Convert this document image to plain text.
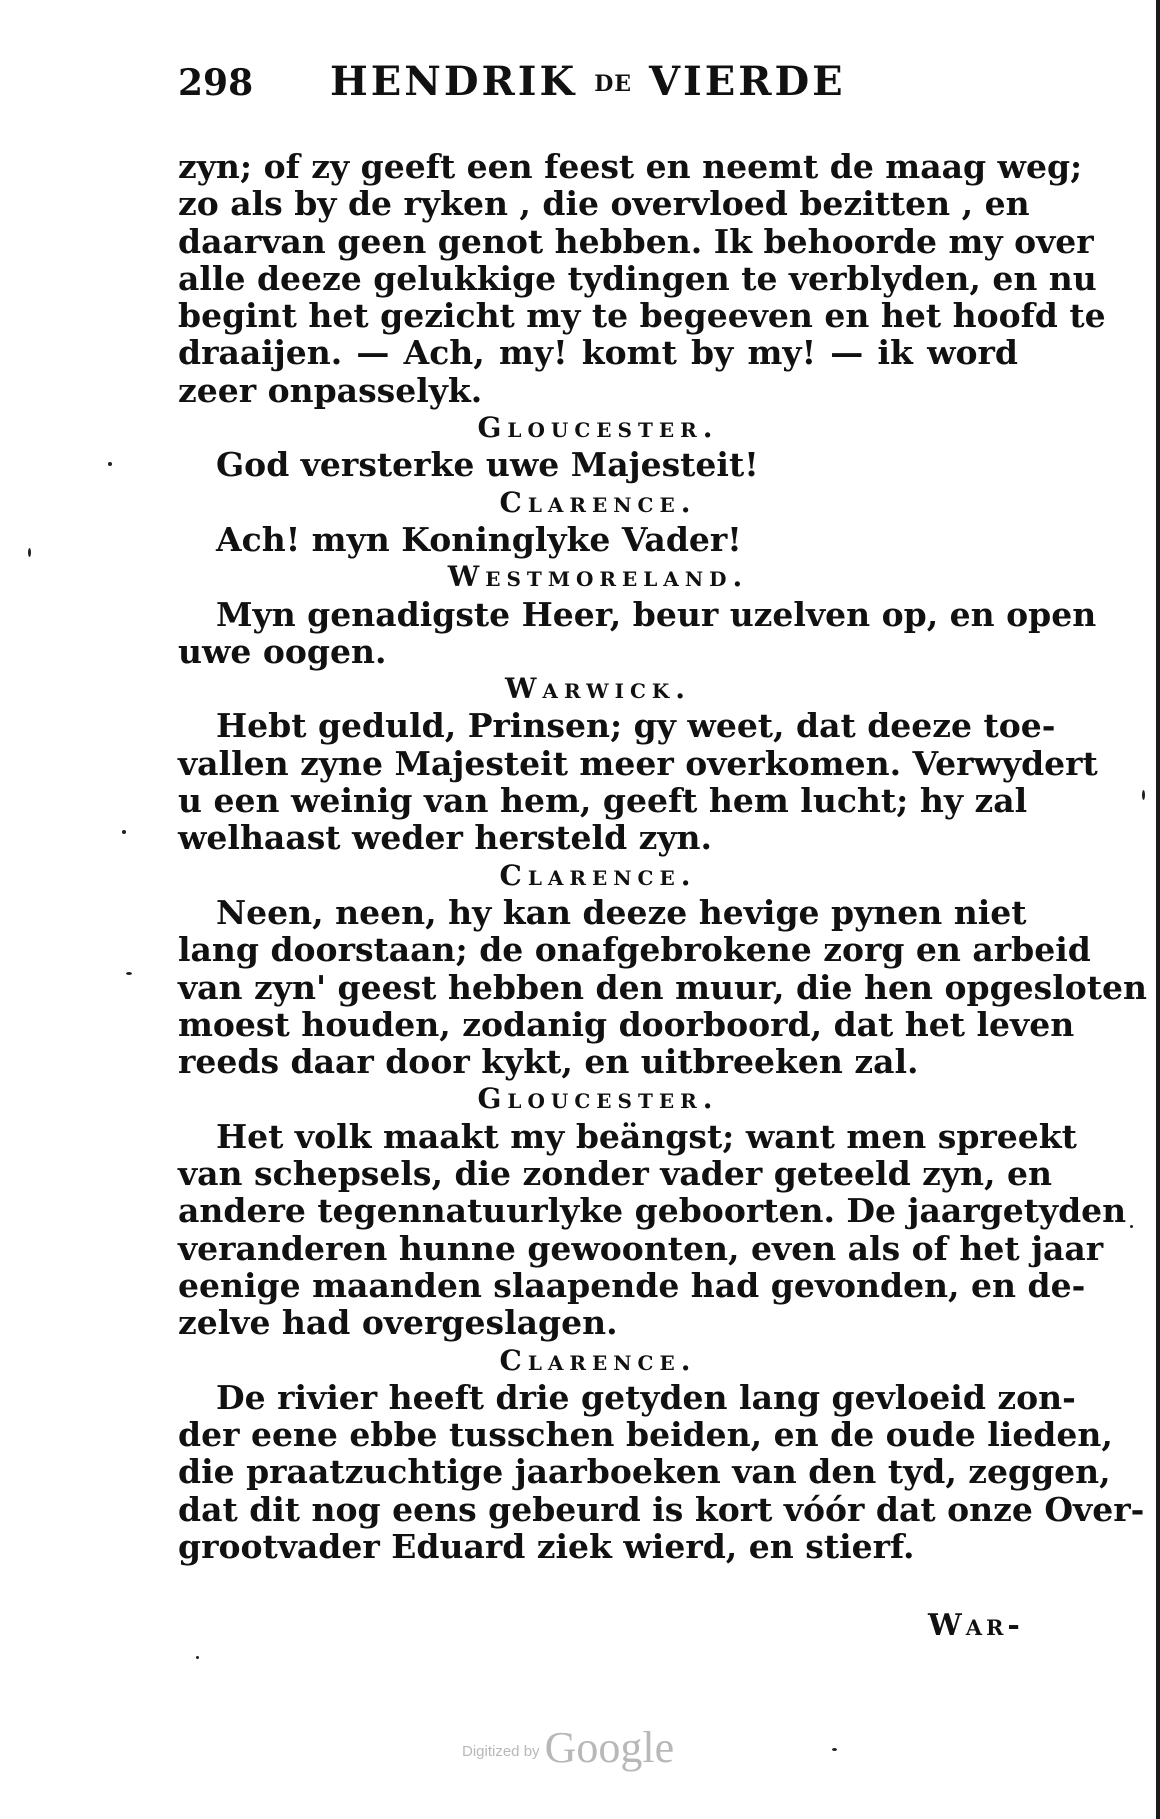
298 HENDRIK DE VIERDE
zyn; of zy geeft een feest en neemt de maag weg;
zo als by de ryken , die overvloed bezitten , en
daarvan geen genot hebben. Ik behoorde my over
alle deeze gelukkige tydingen te verblyden, en nu
begint het gezicht my te begeeven en het hoofd te
draaijen. — Ach, my! komt by my! — ik word
zeer onpasselyk.
Gloucester.
God versterke uwe Majesteit!
Clarence.
Ach! myn Koninglyke Vader!
Westmoreland.
Myn genadigste Heer, beur uzelven op, en open
uwe oogen.
Warwick.
Hebt geduld, Prinsen; gy weet, dat deeze toe-
vallen zyne Majesteit meer overkomen. Verwydert
u een weinig van hem, geeft hem lucht; hy zal
welhaast weder hersteld zyn.
Clarence.
Neen, neen, hy kan deeze hevige pynen niet
lang doorstaan; de onafgebrokene zorg en arbeid
van zyn' geest hebben den muur, die hen opgesloten
moest houden, zodanig doorboord, dat het leven
reeds daar door kykt, en uitbreeken zal.
Gloucester.
Het volk maakt my beängst; want men spreekt
van schepsels, die zonder vader geteeld zyn, en
andere tegennatuurlyke geboorten. De jaargetyden
veranderen hunne gewoonten, even als of het jaar
eenige maanden slaapende had gevonden, en de-
zelve had overgeslagen.
Clarence.
De rivier heeft drie getyden lang gevloeid zon-
der eene ebbe tusschen beiden, en de oude lieden,
die praatzuchtige jaarboeken van den tyd, zeggen,
dat dit nog eens gebeurd is kort vóór dat onze Over-
grootvader Eduard ziek wierd, en stierf.
War-
Digitized by Google
